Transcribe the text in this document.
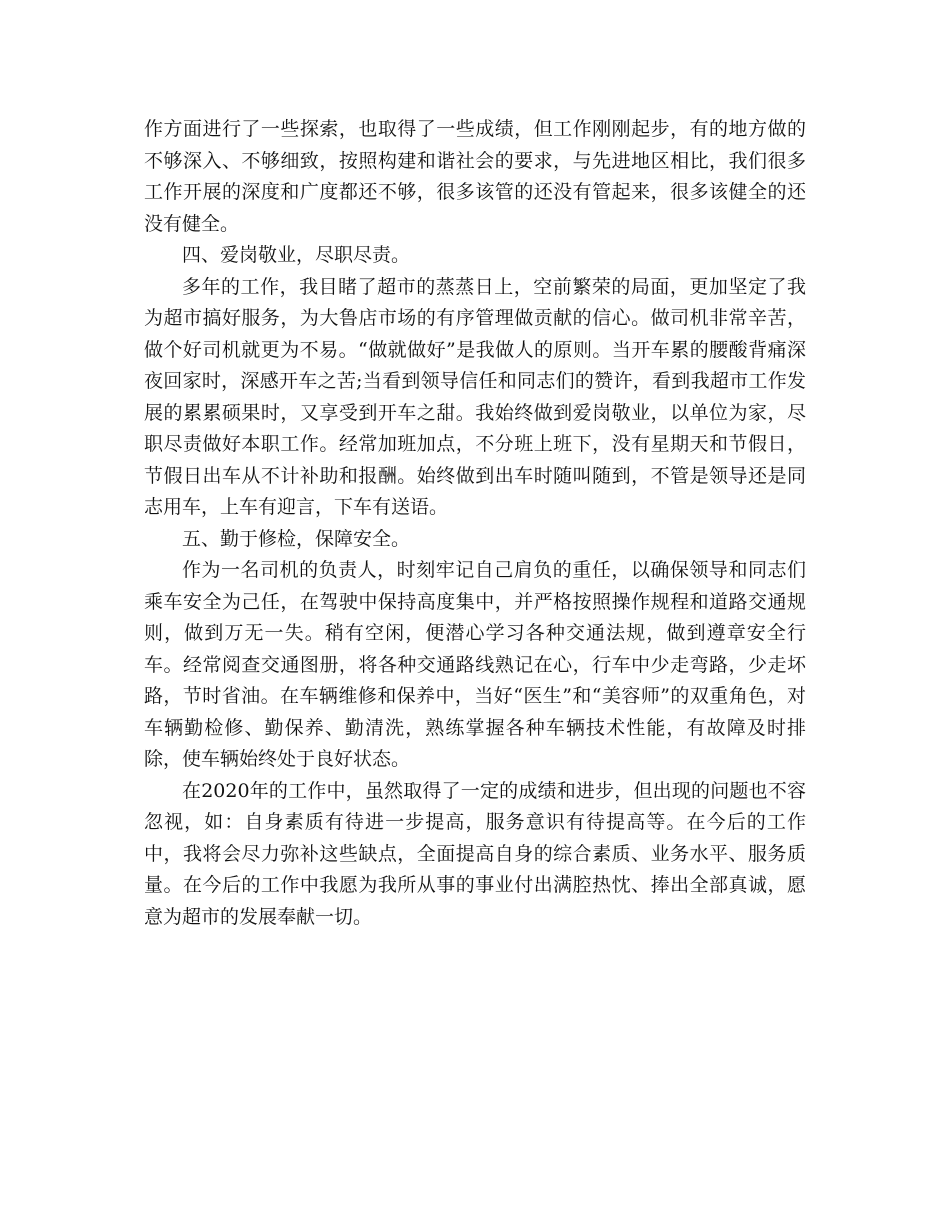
作方面进行了一些探索，也取得了一些成绩，但工作刚刚起步，有的地方做的不够深入、不够细致，按照构建和谐社会的要求，与先进地区相比，我们很多工作开展的深度和广度都还不够，很多该管的还没有管起来，很多该健全的还没有健全。

四、爱岗敬业，尽职尽责。

多年的工作，我目睹了超市的蒸蒸日上，空前繁荣的局面，更加坚定了我为超市搞好服务，为大鲁店市场的有序管理做贡献的信心。做司机非常辛苦，做个好司机就更为不易。“做就做好”是我做人的原则。当开车累的腰酸背痛深夜回家时，深感开车之苦;当看到领导信任和同志们的赞许，看到我超市工作发展的累累硕果时，又享受到开车之甜。我始终做到爱岗敬业，以单位为家，尽职尽责做好本职工作。经常加班加点，不分班上班下，没有星期天和节假日，节假日出车从不计补助和报酬。始终做到出车时随叫随到，不管是领导还是同志用车，上车有迎言，下车有送语。

五、勤于修检，保障安全。

作为一名司机的负责人，时刻牢记自己肩负的重任，以确保领导和同志们乘车安全为己任，在驾驶中保持高度集中，并严格按照操作规程和道路交通规则，做到万无一失。稍有空闲，便潜心学习各种交通法规，做到遵章安全行车。经常阅查交通图册，将各种交通路线熟记在心，行车中少走弯路，少走坏路，节时省油。在车辆维修和保养中，当好“医生”和“美容师”的双重角色，对车辆勤检修、勤保养、勤清洗，熟练掌握各种车辆技术性能，有故障及时排除，使车辆始终处于良好状态。

在2020年的工作中，虽然取得了一定的成绩和进步，但出现的问题也不容忽视，如：自身素质有待进一步提高，服务意识有待提高等。在今后的工作中，我将会尽力弥补这些缺点，全面提高自身的综合素质、业务水平、服务质量。在今后的工作中我愿为我所从事的事业付出满腔热忱、捧出全部真诚，愿意为超市的发展奉献一切。
